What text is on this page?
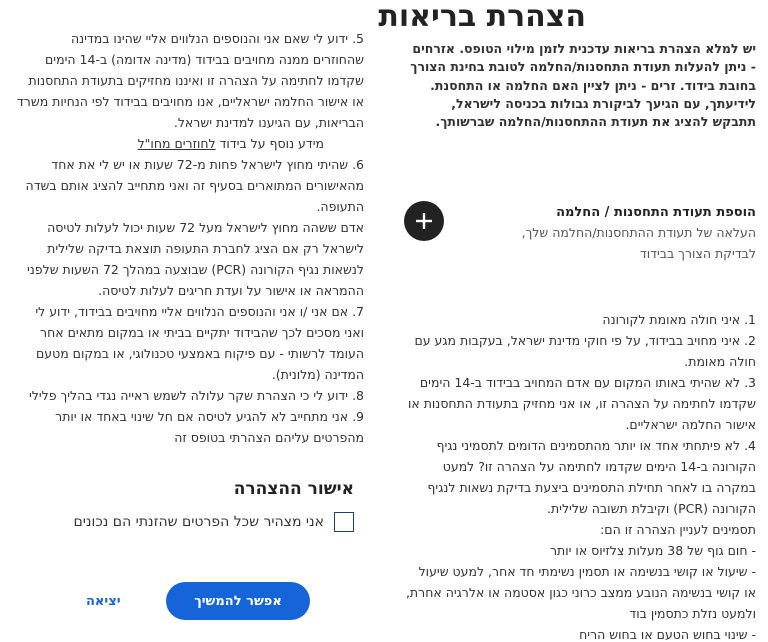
הצהרת בריאות
יש למלא הצהרת בריאות עדכנית לזמן מילוי הטופס. אזרחים - ניתן להעלות תעודת התחסנות/החלמה לטובת בחינת הצורך בחובת בידוד. זרים - ניתן לציין האם החלמה או התחסנת. לידיעתך, עם הגיעך לביקורת גבולות בכניסה לישראל, תתבקש להציג את תעודת ההתחסנות/החלמה שברשותך.
הוספת תעודת התחסנות / החלמה
העלאה של תעודת ההתחסנות/החלמה שלך, לבדיקת הצורך בבידוד
1. איני חולה מאומת לקורונה
2. איני מחויב בבידוד, על פי חוקי מדינת ישראל, בעקבות מגע עם חולה מאומת.
3. לא שהיתי באותו המקום עם אדם המחויב בבידוד ב-14 הימים שקדמו לחתימה על הצהרה זו, או אני מחזיק בתעודת התחסנות או אישור החלמה ישראליים.
4. לא פיתחתי אחד או יותר מהתסמינים הדומים לתסמיני נגיף הקורונה ב-14 הימים שקדמו לחתימה על הצהרה זו? למעט במקרה בו לאחר תחילת התסמינים ביצעת בדיקת נשאות לנגיף הקורונה (PCR) וקיבלת תשובה שלילית.
תסמינים לעניין הצהרה זו הם:
- חום גוף של 38 מעלות צלזיוס או יותר
- שיעול או קושי בנשימה או תסמין נשימתי חד אחר, למעט שיעול או קושי בנשימה הנובע ממצב כרוני כגון אסטמה או אלרגיה אחרת, ולמעט נזלת כתסמין בוד
- שינוי בחוש הטעם או בחוש הריח
5. ידוע לי שאם אני והנוספים הנלווים אליי שהינו במדינה שהחוזרים ממנה מחויבים בבידוד (מדינה אדומה) ב-14 הימים שקדמו לחתימה על הצהרה זו ואיננו מחזיקים בתעודת התחסנות או אישור החלמה ישראליים, אנו מחויבים בבידוד לפי הנחיות משרד הבריאות, עם הגיענו למדינת ישראל.
מידע נוסף על בידוד לחוזרים מחו"ל
6. שהיתי מחוץ לישראל פחות מ-72 שעות או יש לי את אחד מהאישורים המתוארים בסעיף זה ואני מתחייב להציג אותם בשדה התעופה.
אדם ששהה מחוץ לישראל מעל 72 שעות יכול לעלות לטיסה לישראל רק אם הציג לחברת התעופה תוצאת בדיקה שלילית לנשאות נגיף הקורונה (PCR) שבוצעה במהלך 72 השעות שלפני ההמראה או אישור על ועדת חריגים לעלות לטיסה.
7. אם אני /ו אני והנוספים הנלווים אליי מחויבים בבידוד, ידוע לי ואני מסכים לכך שהבידוד יתקיים בביתי או במקום מתאים אחר העומד לרשותי - עם פיקוח באמצעי טכנולוגי, או במקום מטעם המדינה (מלונית).
8. ידוע לי כי הצהרת שקר עלולה לשמש ראייה נגדי בהליך פלילי
9. אני מתחייב לא להגיע לטיסה אם חל שינוי באחד או יותר מהפרטים עליהם הצהרתי בטופס זה
אישור ההצהרה
אני מצהיר שכל הפרטים שהזנתי הם נכונים
אפשר להמשיך
יציאה
